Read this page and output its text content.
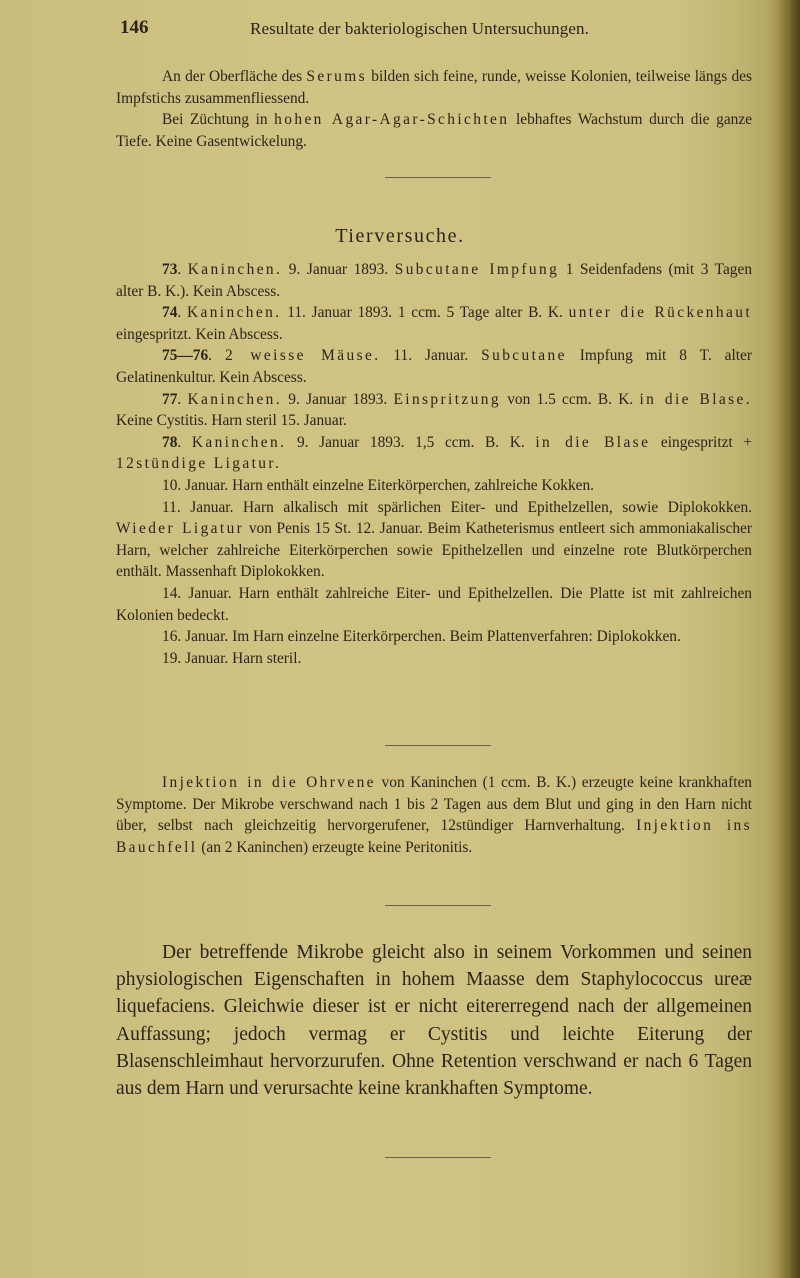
146	Resultate der bakteriologischen Untersuchungen.

An der Oberfläche des Serums bilden sich feine, runde, weisse Kolonien, teilweise längs des Impfstichs zusammenfliessend.

Bei Züchtung in hohen Agar-Agar-Schichten lebhaftes Wachstum durch die ganze Tiefe. Keine Gasentwickelung.

Tierversuche.

73. Kaninchen. 9. Januar 1893. Subcutane Impfung 1 Seidenfadens (mit 3 Tagen alter B. K.). Kein Abscess.

74. Kaninchen. 11. Januar 1893. 1 ccm. 5 Tage alter B. K. unter die Rückenhaut eingespritzt. Kein Abscess.

75—76. 2 weisse Mäuse. 11. Januar. Subcutane Impfung mit 8 T. alter Gelatinenkultur. Kein Abscess.

77. Kaninchen. 9. Januar 1893. Einspritzung von 1.5 ccm. B. K. in die Blase. Keine Cystitis. Harn steril 15. Januar.

78. Kaninchen. 9. Januar 1893. 1,5 ccm. B. K. in die Blase eingespritzt + 12stündige Ligatur.

10. Januar. Harn enthält einzelne Eiterkörperchen, zahlreiche Kokken.

11. Januar. Harn alkalisch mit spärlichen Eiter- und Epithelzellen, sowie Diplokokken. Wieder Ligatur von Penis 15 St. 12. Januar. Beim Katheterismus entleert sich ammoniakalischer Harn, welcher zahlreiche Eiterkörperchen sowie Epithelzellen und einzelne rote Blutkörperchen enthält. Massenhaft Diplokokken.

14. Januar. Harn enthält zahlreiche Eiter- und Epithelzellen. Die Platte ist mit zahlreichen Kolonien bedeckt.

16. Januar. Im Harn einzelne Eiterkörperchen. Beim Plattenverfahren: Diplokokken.

19. Januar. Harn steril.

Injektion in die Ohrvene von Kaninchen (1 ccm. B. K.) erzeugte keine krankhaften Symptome. Der Mikrobe verschwand nach 1 bis 2 Tagen aus dem Blut und ging in den Harn nicht über, selbst nach gleichzeitig hervorgerufener, 12stündiger Harnverhaltung. Injektion ins Bauchfell (an 2 Kaninchen) erzeugte keine Peritonitis.

Der betreffende Mikrobe gleicht also in seinem Vorkommen und seinen physiologischen Eigenschaften in hohem Maasse dem Staphylococcus ureæ liquefaciens. Gleichwie dieser ist er nicht eitererregend nach der allgemeinen Auffassung; jedoch vermag er Cystitis und leichte Eiterung der Blasenschleimhaut hervorzurufen. Ohne Retention verschwand er nach 6 Tagen aus dem Harn und verursachte keine krankhaften Symptome.
